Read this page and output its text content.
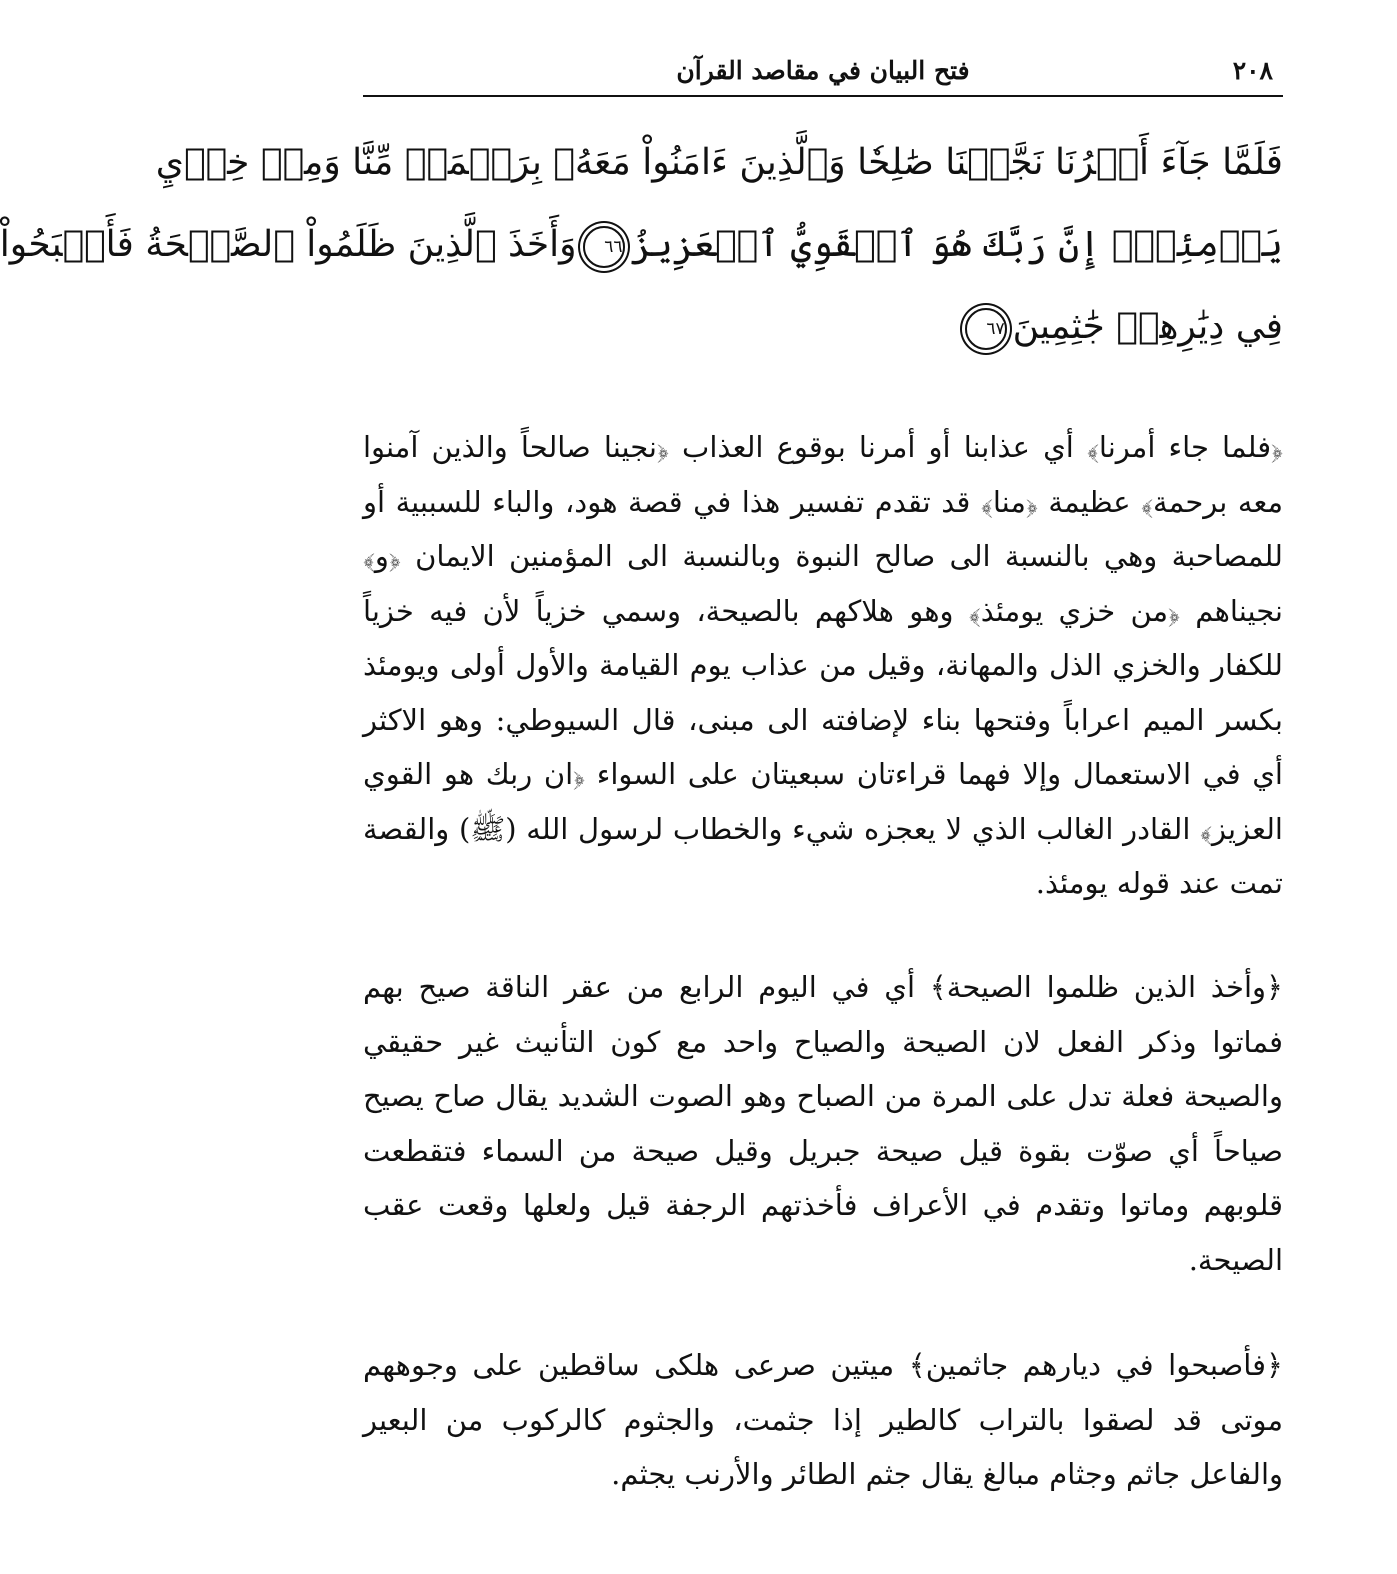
٢٠٨
فتح البيان في مقاصد القرآن
فَلَمَّا جَآءَ أَمۡرُنَا نَجَّيۡنَا صَٰلِحٗا وَٱلَّذِينَ ءَامَنُواْ مَعَهُۥ بِرَحۡمَةٖ مِّنَّا وَمِنۡ خِزۡيِ
يَوۡمِئِذٍۚ إِنَّ رَبَّكَ هُوَ ٱلۡقَوِيُّ ٱلۡعَزِيزُ٦٦وَأَخَذَ ٱلَّذِينَ ظَلَمُواْ ٱلصَّيۡحَةُ فَأَصۡبَحُواْ
فِي دِيَٰرِهِمۡ جَٰثِمِينَ٦٧

﴿فلما جاء أمرنا﴾ أي عذابنا أو أمرنا بوقوع العذاب ﴿نجينا صالحاً والذين آمنوا معه برحمة﴾ عظيمة ﴿منا﴾ قد تقدم تفسير هذا في قصة هود، والباء للسببية أو للمصاحبة وهي بالنسبة الى صالح النبوة وبالنسبة الى المؤمنين الايمان ﴿و﴾ نجيناهم ﴿من خزي يومئذ﴾ وهو هلاكهم بالصيحة، وسمي خزياً لأن فيه خزياً للكفار والخزي الذل والمهانة، وقيل من عذاب يوم القيامة والأول أولى ويومئذ بكسر الميم اعراباً وفتحها بناء لإضافته الى مبنى، قال السيوطي: وهو الاكثر أي في الاستعمال وإلا فهما قراءتان سبعيتان على السواء ﴿ان ربك هو القوي العزيز﴾ القادر الغالب الذي لا يعجزه شيء والخطاب لرسول الله (ﷺ) والقصة تمت عند قوله يومئذ.

﴿وأخذ الذين ظلموا الصيحة﴾ أي في اليوم الرابع من عقر الناقة صيح بهم فماتوا وذكر الفعل لان الصيحة والصياح واحد مع كون التأنيث غير حقيقي والصيحة فعلة تدل على المرة من الصباح وهو الصوت الشديد يقال صاح يصيح صياحاً أي صوّت بقوة قيل صيحة جبريل وقيل صيحة من السماء فتقطعت قلوبهم وماتوا وتقدم في الأعراف فأخذتهم الرجفة قيل ولعلها وقعت عقب الصيحة.

﴿فأصبحوا في ديارهم جاثمين﴾ ميتين صرعى هلكى ساقطين على وجوههم موتى قد لصقوا بالتراب كالطير إذا جثمت، والجثوم كالركوب من البعير والفاعل جاثم وجثام مبالغ يقال جثم الطائر والأرنب يجثم.
